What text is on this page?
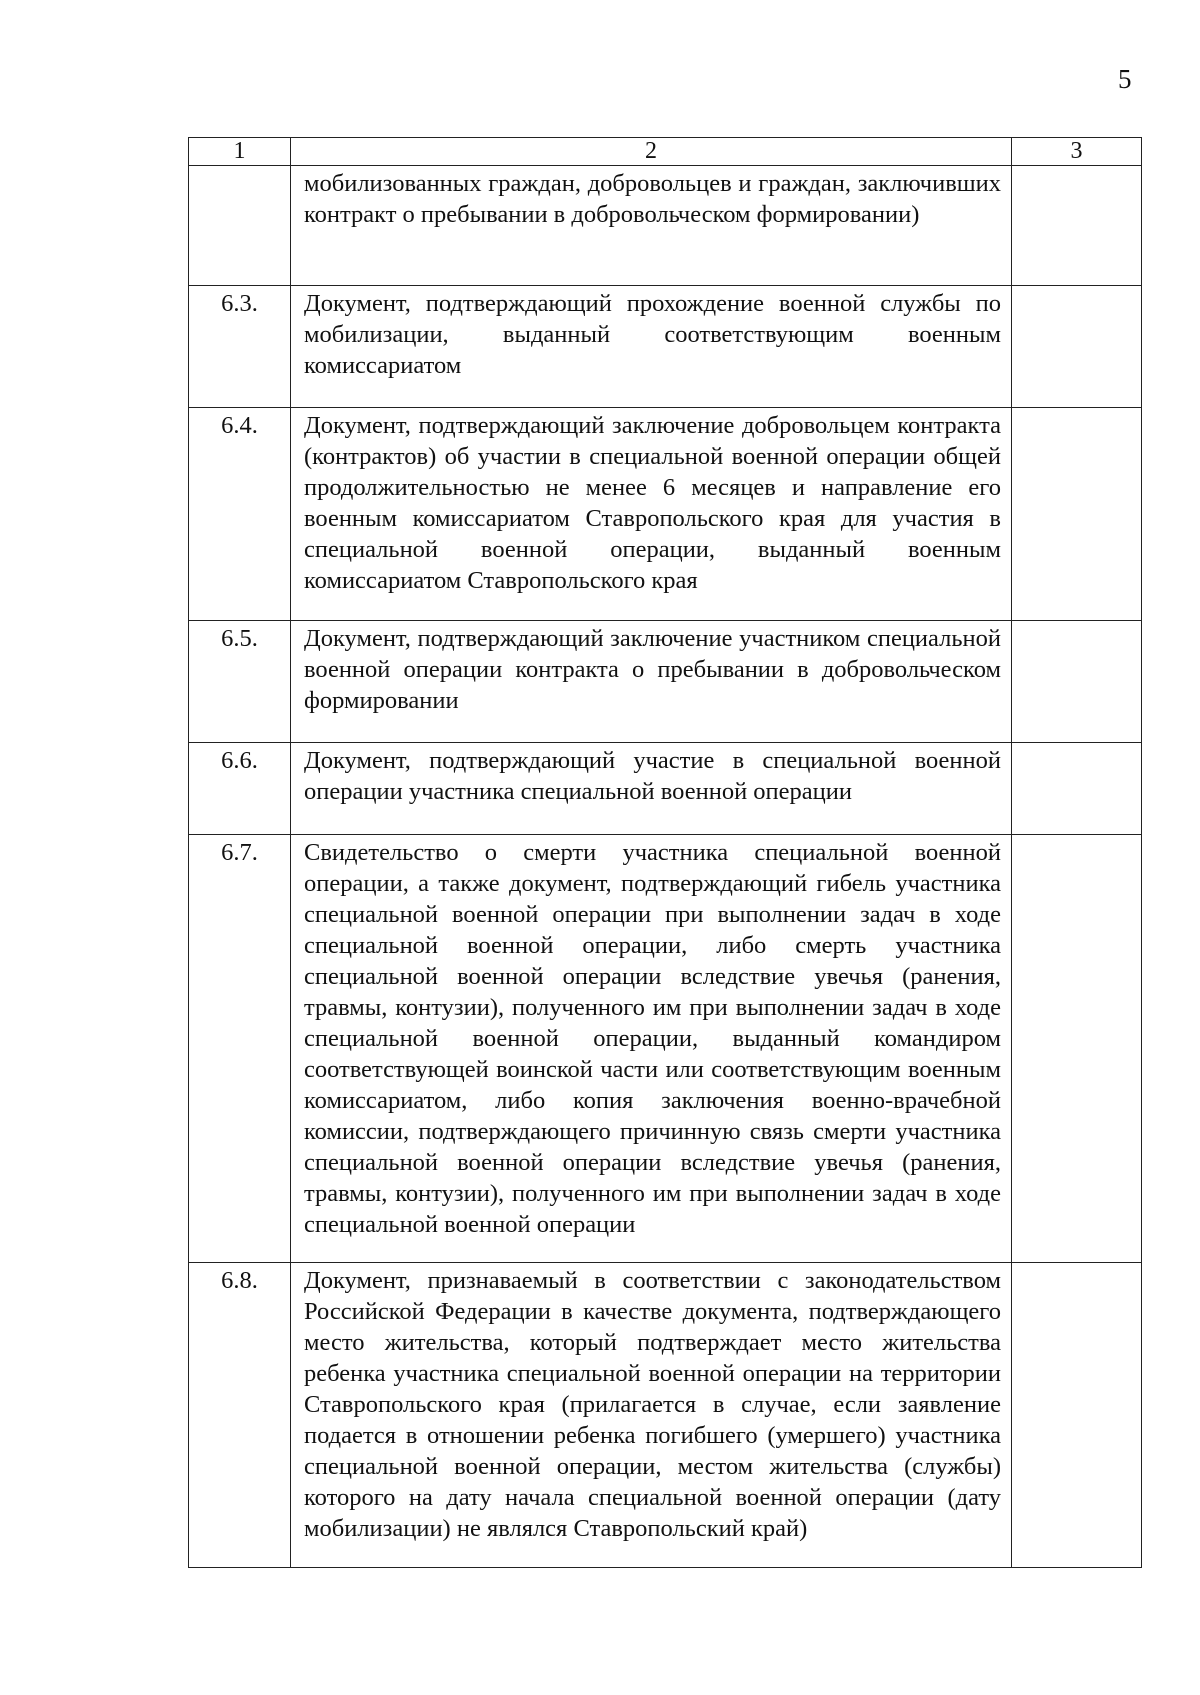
5
1	2	3
	мобилизованных граждан, добровольцев и граждан, заключивших контракт о пребывании в добровольческом формировании)	
6.3.	Документ, подтверждающий прохождение военной службы по мобилизации, выданный соответствующим военным комиссариатом	
6.4.	Документ, подтверждающий заключение добровольцем контракта (контрактов) об участии в специальной военной операции общей продолжительностью не менее 6 месяцев и направление его военным комиссариатом Ставропольского края для участия в специальной военной операции, выданный военным комиссариатом Ставропольского края	
6.5.	Документ, подтверждающий заключение участником специальной военной операции контракта о пребывании в добровольческом формировании	
6.6.	Документ, подтверждающий участие в специальной военной операции участника специальной военной операции	
6.7.	Свидетельство о смерти участника специальной военной операции, а также документ, подтверждающий гибель участника специальной военной операции при выполнении задач в ходе специальной военной операции, либо смерть участника специальной военной операции вследствие увечья (ранения, травмы, контузии), полученного им при выполнении задач в ходе специальной военной операции, выданный командиром соответствующей воинской части или соответствующим военным комиссариатом, либо копия заключения военно-врачебной комиссии, подтверждающего причинную связь смерти участника специальной военной операции вследствие увечья (ранения, травмы, контузии), полученного им при выполнении задач в ходе специальной военной операции	
6.8.	Документ, признаваемый в соответствии с законодательством Российской Федерации в качестве документа, подтверждающего место жительства, который подтверждает место жительства ребенка участника специальной военной операции на территории Ставропольского края (прилагается в случае, если заявление подается в отношении ребенка погибшего (умершего) участника специальной военной операции, местом жительства (службы) которого на дату начала специальной военной операции (дату мобилизации) не являлся Ставропольский край)	
